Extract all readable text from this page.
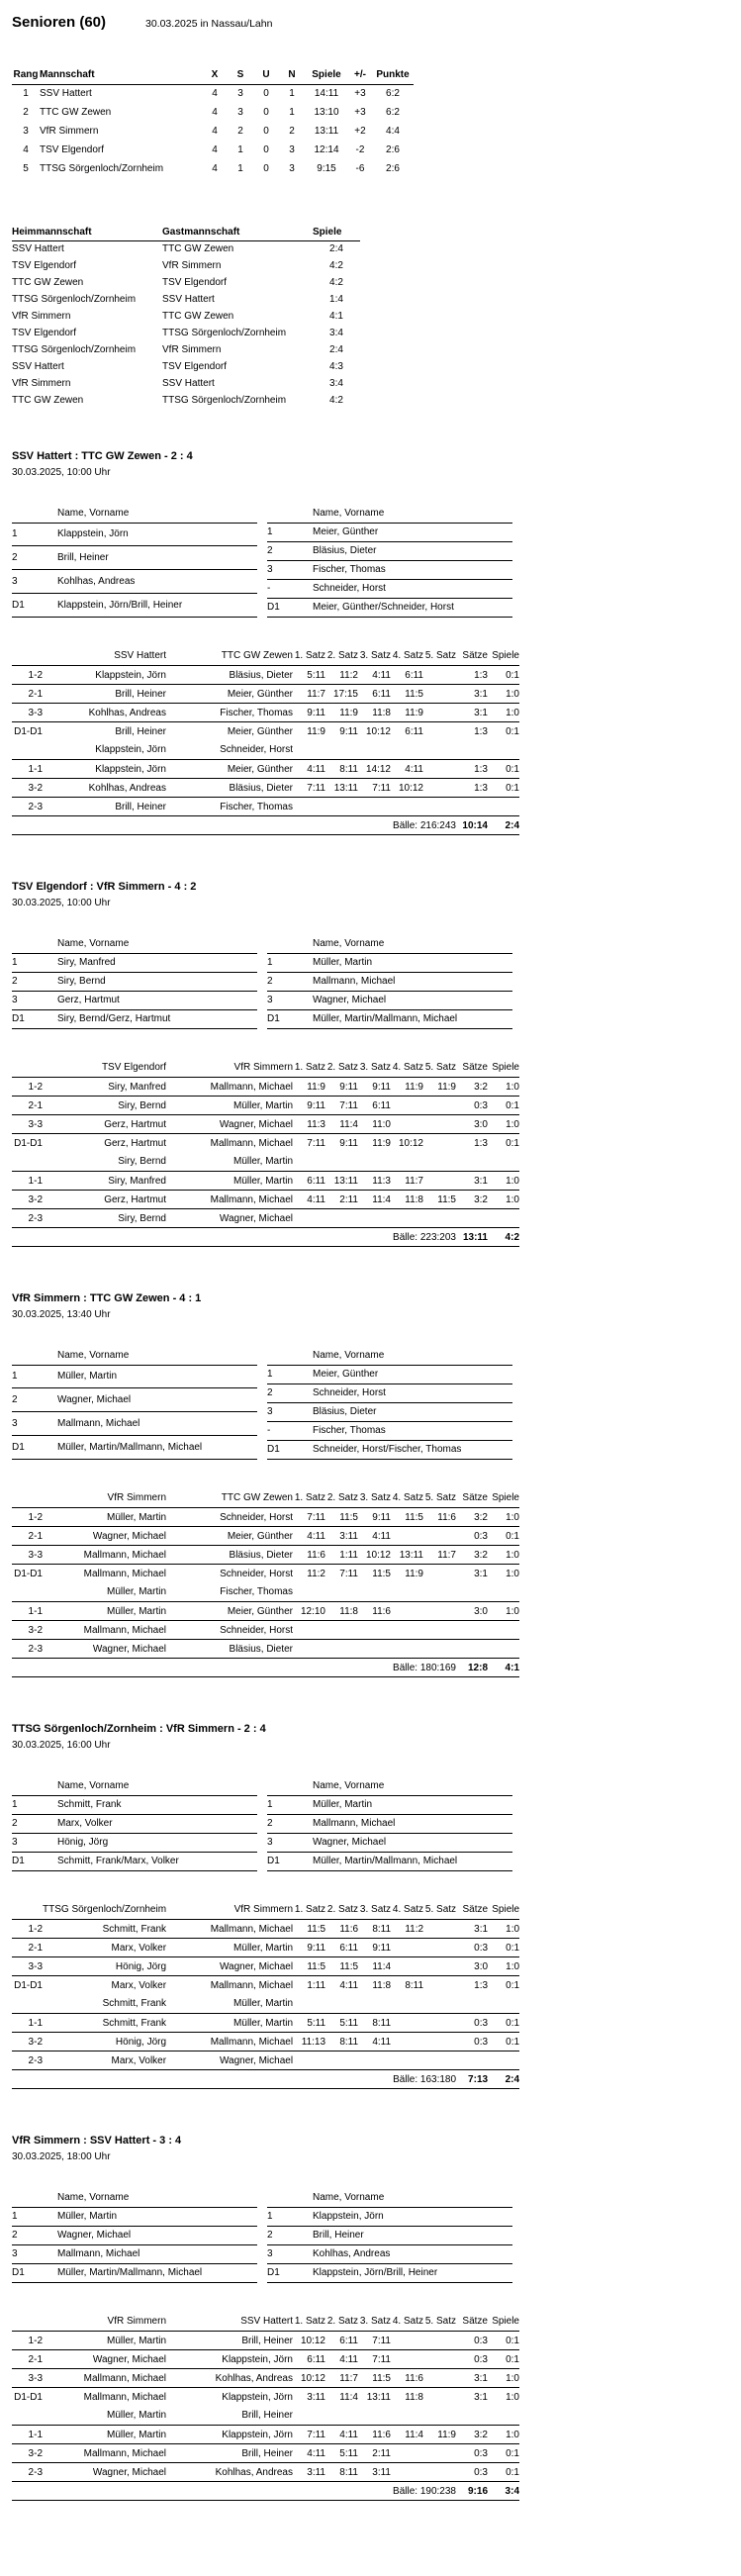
Senioren (60)	30.03.2025 in Nassau/Lahn
Rang	Mannschaft	X	S	U	N	Spiele	+/-	Punkte
1	SSV Hattert	4	3	0	1	14:11	+3	6:2
2	TTC GW Zewen	4	3	0	1	13:10	+3	6:2
3	VfR Simmern	4	2	0	2	13:11	+2	4:4
4	TSV Elgendorf	4	1	0	3	12:14	-2	2:6
5	TTSG Sörgenloch/Zornheim	4	1	0	3	9:15	-6	2:6
Heimmannschaft	Gastmannschaft	Spiele
SSV Hattert	TTC GW Zewen	2:4
TSV Elgendorf	VfR Simmern	4:2
TTC GW Zewen	TSV Elgendorf	4:2
TTSG Sörgenloch/Zornheim	SSV Hattert	1:4
VfR Simmern	TTC GW Zewen	4:1
TSV Elgendorf	TTSG Sörgenloch/Zornheim	3:4
TTSG Sörgenloch/Zornheim	VfR Simmern	2:4
SSV Hattert	TSV Elgendorf	4:3
VfR Simmern	SSV Hattert	3:4
TTC GW Zewen	TTSG Sörgenloch/Zornheim	4:2
SSV Hattert : TTC GW Zewen - 2 : 4
30.03.2025, 10:00 Uhr
	Name, Vorname
1	Klappstein, Jörn
2	Brill, Heiner
3	Kohlhas, Andreas
D1	Klappstein, Jörn/Brill, Heiner
	Name, Vorname
1	Meier, Günther
2	Bläsius, Dieter
3	Fischer, Thomas
-	Schneider, Horst
D1	Meier, Günther/Schneider, Horst
	SSV Hattert	TTC GW Zewen	1. Satz	2. Satz	3. Satz	4. Satz	5. Satz	Sätze	Spiele
1-2	Klappstein, Jörn	Bläsius, Dieter	5:11	11:2	4:11	6:11		1:3	0:1
2-1	Brill, Heiner	Meier, Günther	11:7	17:15	6:11	11:5		3:1	1:0
3-3	Kohlhas, Andreas	Fischer, Thomas	9:11	11:9	11:8	11:9		3:1	1:0
D1-D1	Brill, Heiner	Meier, Günther	11:9	9:11	10:12	6:11		1:3	0:1
	Klappstein, Jörn	Schneider, Horst							
1-1	Klappstein, Jörn	Meier, Günther	4:11	8:11	14:12	4:11		1:3	0:1
3-2	Kohlhas, Andreas	Bläsius, Dieter	7:11	13:11	7:11	10:12		1:3	0:1
2-3	Brill, Heiner	Fischer, Thomas							
			Bälle: 216:243					10:14	2:4
TSV Elgendorf : VfR Simmern - 4 : 2
30.03.2025, 10:00 Uhr
	Name, Vorname
1	Siry, Manfred
2	Siry, Bernd
3	Gerz, Hartmut
D1	Siry, Bernd/Gerz, Hartmut
	Name, Vorname
1	Müller, Martin
2	Mallmann, Michael
3	Wagner, Michael
D1	Müller, Martin/Mallmann, Michael
	TSV Elgendorf	VfR Simmern	1. Satz	2. Satz	3. Satz	4. Satz	5. Satz	Sätze	Spiele
1-2	Siry, Manfred	Mallmann, Michael	11:9	9:11	9:11	11:9	11:9	3:2	1:0
2-1	Siry, Bernd	Müller, Martin	9:11	7:11	6:11			0:3	0:1
3-3	Gerz, Hartmut	Wagner, Michael	11:3	11:4	11:0			3:0	1:0
D1-D1	Gerz, Hartmut	Mallmann, Michael	7:11	9:11	11:9	10:12		1:3	0:1
	Siry, Bernd	Müller, Martin							
1-1	Siry, Manfred	Müller, Martin	6:11	13:11	11:3	11:7		3:1	1:0
3-2	Gerz, Hartmut	Mallmann, Michael	4:11	2:11	11:4	11:8	11:5	3:2	1:0
2-3	Siry, Bernd	Wagner, Michael							
			Bälle: 223:203					13:11	4:2
VfR Simmern : TTC GW Zewen - 4 : 1
30.03.2025, 13:40 Uhr
	Name, Vorname
1	Müller, Martin
2	Wagner, Michael
3	Mallmann, Michael
D1	Müller, Martin/Mallmann, Michael
	Name, Vorname
1	Meier, Günther
2	Schneider, Horst
3	Bläsius, Dieter
-	Fischer, Thomas
D1	Schneider, Horst/Fischer, Thomas
	VfR Simmern	TTC GW Zewen	1. Satz	2. Satz	3. Satz	4. Satz	5. Satz	Sätze	Spiele
1-2	Müller, Martin	Schneider, Horst	7:11	11:5	9:11	11:5	11:6	3:2	1:0
2-1	Wagner, Michael	Meier, Günther	4:11	3:11	4:11			0:3	0:1
3-3	Mallmann, Michael	Bläsius, Dieter	11:6	1:11	10:12	13:11	11:7	3:2	1:0
D1-D1	Mallmann, Michael	Schneider, Horst	11:2	7:11	11:5	11:9		3:1	1:0
	Müller, Martin	Fischer, Thomas							
1-1	Müller, Martin	Meier, Günther	12:10	11:8	11:6			3:0	1:0
3-2	Mallmann, Michael	Schneider, Horst							
2-3	Wagner, Michael	Bläsius, Dieter							
			Bälle: 180:169					12:8	4:1
TTSG Sörgenloch/Zornheim : VfR Simmern - 2 : 4
30.03.2025, 16:00 Uhr
	Name, Vorname
1	Schmitt, Frank
2	Marx, Volker
3	Hönig, Jörg
D1	Schmitt, Frank/Marx, Volker
	Name, Vorname
1	Müller, Martin
2	Mallmann, Michael
3	Wagner, Michael
D1	Müller, Martin/Mallmann, Michael
	TTSG Sörgenloch/Zornheim	VfR Simmern	1. Satz	2. Satz	3. Satz	4. Satz	5. Satz	Sätze	Spiele
1-2	Schmitt, Frank	Mallmann, Michael	11:5	11:6	8:11	11:2		3:1	1:0
2-1	Marx, Volker	Müller, Martin	9:11	6:11	9:11			0:3	0:1
3-3	Hönig, Jörg	Wagner, Michael	11:5	11:5	11:4			3:0	1:0
D1-D1	Marx, Volker	Mallmann, Michael	1:11	4:11	11:8	8:11		1:3	0:1
	Schmitt, Frank	Müller, Martin							
1-1	Schmitt, Frank	Müller, Martin	5:11	5:11	8:11			0:3	0:1
3-2	Hönig, Jörg	Mallmann, Michael	11:13	8:11	4:11			0:3	0:1
2-3	Marx, Volker	Wagner, Michael							
			Bälle: 163:180					7:13	2:4
VfR Simmern : SSV Hattert - 3 : 4
30.03.2025, 18:00 Uhr
	Name, Vorname
1	Müller, Martin
2	Wagner, Michael
3	Mallmann, Michael
D1	Müller, Martin/Mallmann, Michael
	Name, Vorname
1	Klappstein, Jörn
2	Brill, Heiner
3	Kohlhas, Andreas
D1	Klappstein, Jörn/Brill, Heiner
	VfR Simmern	SSV Hattert	1. Satz	2. Satz	3. Satz	4. Satz	5. Satz	Sätze	Spiele
1-2	Müller, Martin	Brill, Heiner	10:12	6:11	7:11			0:3	0:1
2-1	Wagner, Michael	Klappstein, Jörn	6:11	4:11	7:11			0:3	0:1
3-3	Mallmann, Michael	Kohlhas, Andreas	10:12	11:7	11:5	11:6		3:1	1:0
D1-D1	Mallmann, Michael	Klappstein, Jörn	3:11	11:4	13:11	11:8		3:1	1:0
	Müller, Martin	Brill, Heiner							
1-1	Müller, Martin	Klappstein, Jörn	7:11	4:11	11:6	11:4	11:9	3:2	1:0
3-2	Mallmann, Michael	Brill, Heiner	4:11	5:11	2:11			0:3	0:1
2-3	Wagner, Michael	Kohlhas, Andreas	3:11	8:11	3:11			0:3	0:1
			Bälle: 190:238					9:16	3:4
